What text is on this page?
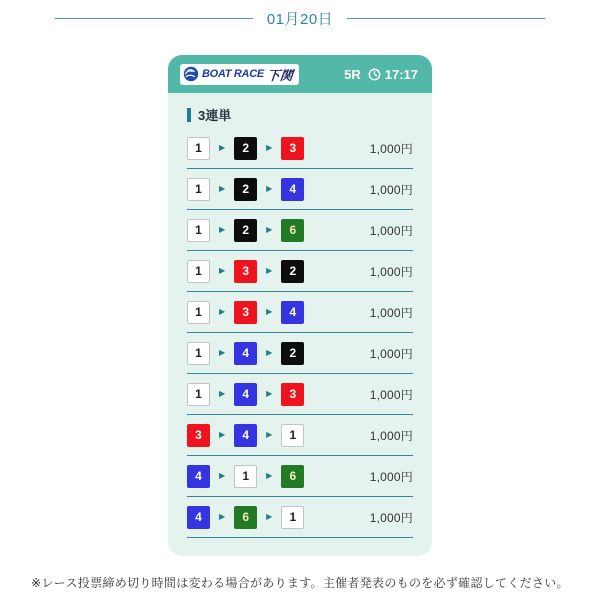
01月20日
BOAT RACE 下関	5R 17:17
3連単
1	▶	2	▶	3	1,000円
1	▶	2	▶	4	1,000円
1	▶	2	▶	6	1,000円
1	▶	3	▶	2	1,000円
1	▶	3	▶	4	1,000円
1	▶	4	▶	2	1,000円
1	▶	4	▶	3	1,000円
3	▶	4	▶	1	1,000円
4	▶	1	▶	6	1,000円
4	▶	6	▶	1	1,000円
※レース投票締め切り時間は変わる場合があります。主催者発表のものを必ず確認してください。
